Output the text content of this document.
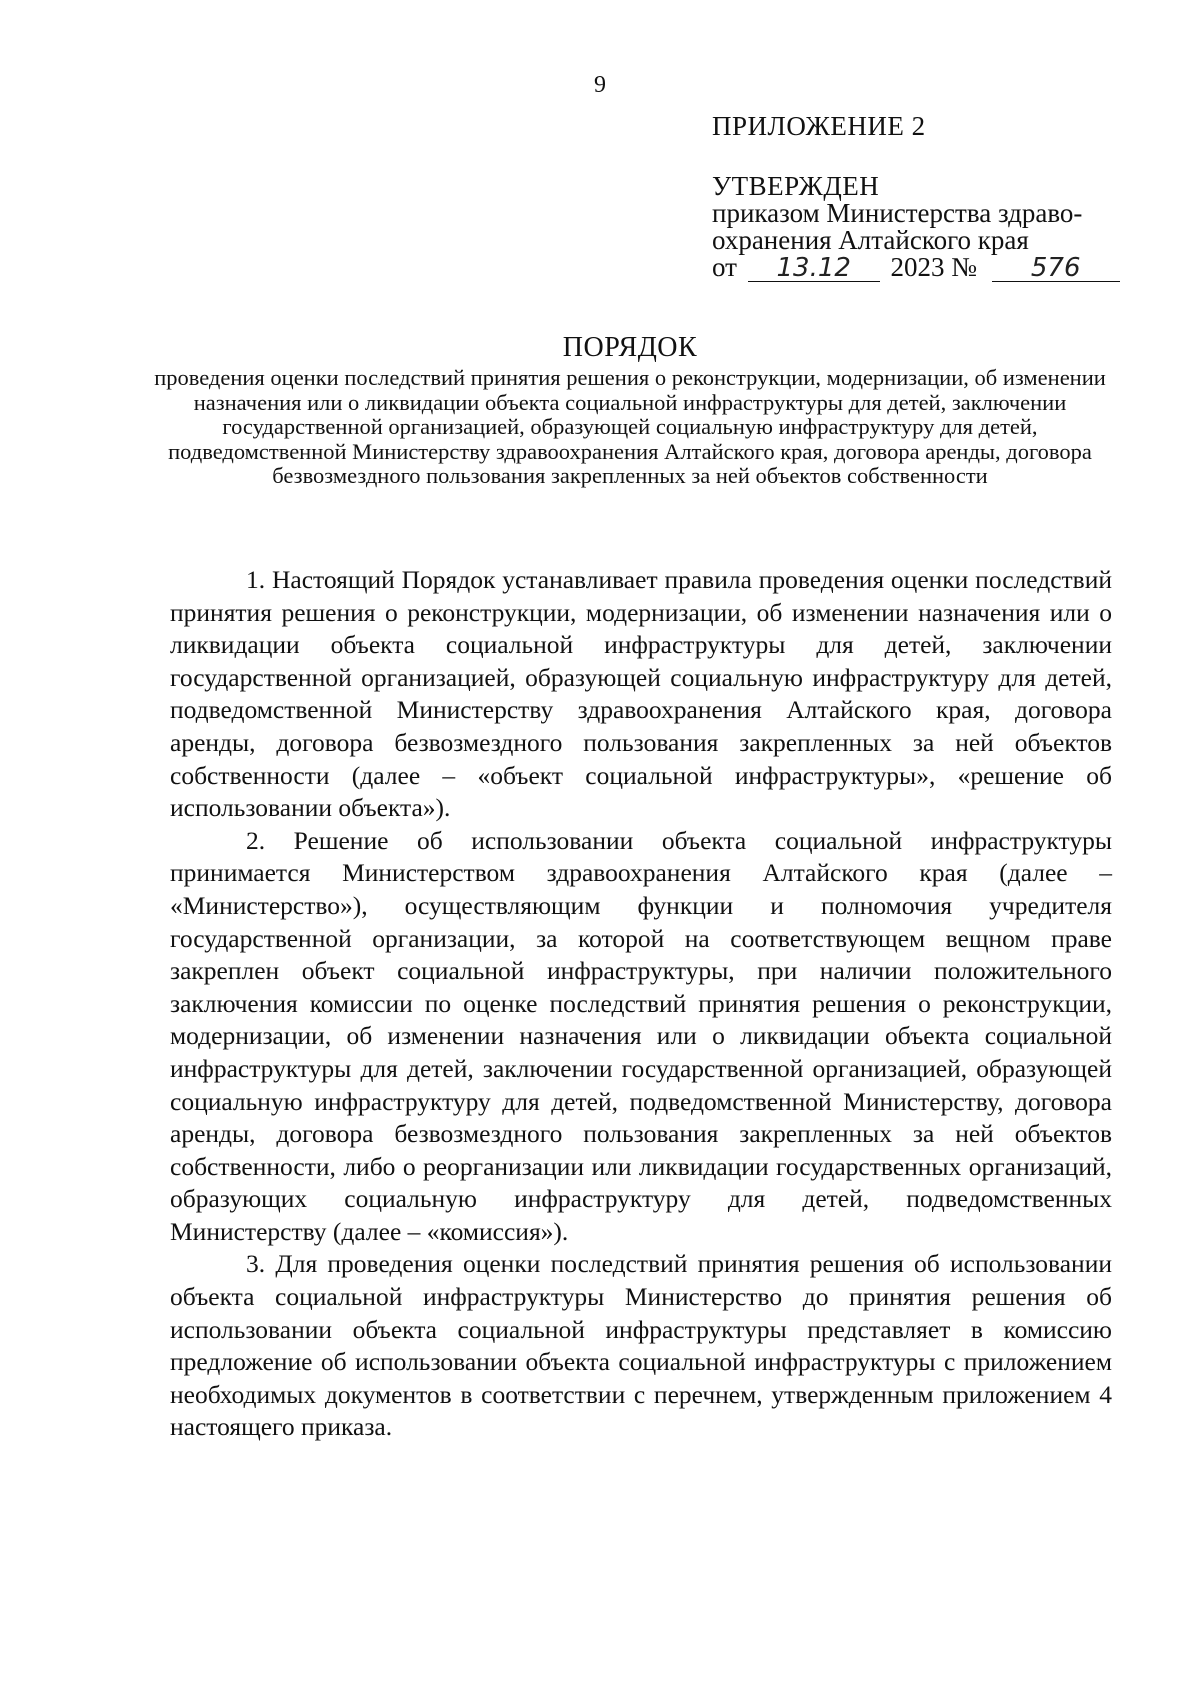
9
ПРИЛОЖЕНИЕ 2
УТВЕРЖДЕН
приказом Министерства здраво-
охранения Алтайского края
от 13.12 2023 № 576
ПОРЯДОК
проведения оценки последствий принятия решения о реконструкции, модернизации, об изменении назначения или о ликвидации объекта социальной инфраструктуры для детей, заключении государственной организацией, образующей социальную инфраструктуру для детей, подведомственной Министерству здравоохранения Алтайского края, договора аренды, договора безвозмездного пользования закрепленных за ней объектов собственности

1. Настоящий Порядок устанавливает правила проведения оценки последствий принятия решения о реконструкции, модернизации, об изменении назначения или о ликвидации объекта социальной инфраструктуры для детей, заключении государственной организацией, образующей социальную инфраструктуру для детей, подведомственной Министерству здравоохранения Алтайского края, договора аренды, договора безвозмездного пользования закрепленных за ней объектов собственности (далее – «объект социальной инфраструктуры», «решение об использовании объекта»).

2. Решение об использовании объекта социальной инфраструктуры принимается Министерством здравоохранения Алтайского края (далее – «Министерство»), осуществляющим функции и полномочия учредителя государственной организации, за которой на соответствующем вещном праве закреплен объект социальной инфраструктуры, при наличии положительного заключения комиссии по оценке последствий принятия решения о реконструкции, модернизации, об изменении назначения или о ликвидации объекта социальной инфраструктуры для детей, заключении государственной организацией, образующей социальную инфраструктуру для детей, подведомственной Министерству, договора аренды, договора безвозмездного пользования закрепленных за ней объектов собственности, либо о реорганизации или ликвидации государственных организаций, образующих социальную инфраструктуру для детей, подведомственных Министерству (далее – «комиссия»).

3. Для проведения оценки последствий принятия решения об использовании объекта социальной инфраструктуры Министерство до принятия решения об использовании объекта социальной инфраструктуры представляет в комиссию предложение об использовании объекта социальной инфраструктуры с приложением необходимых документов в соответствии с перечнем, утвержденным приложением 4 настоящего приказа.
